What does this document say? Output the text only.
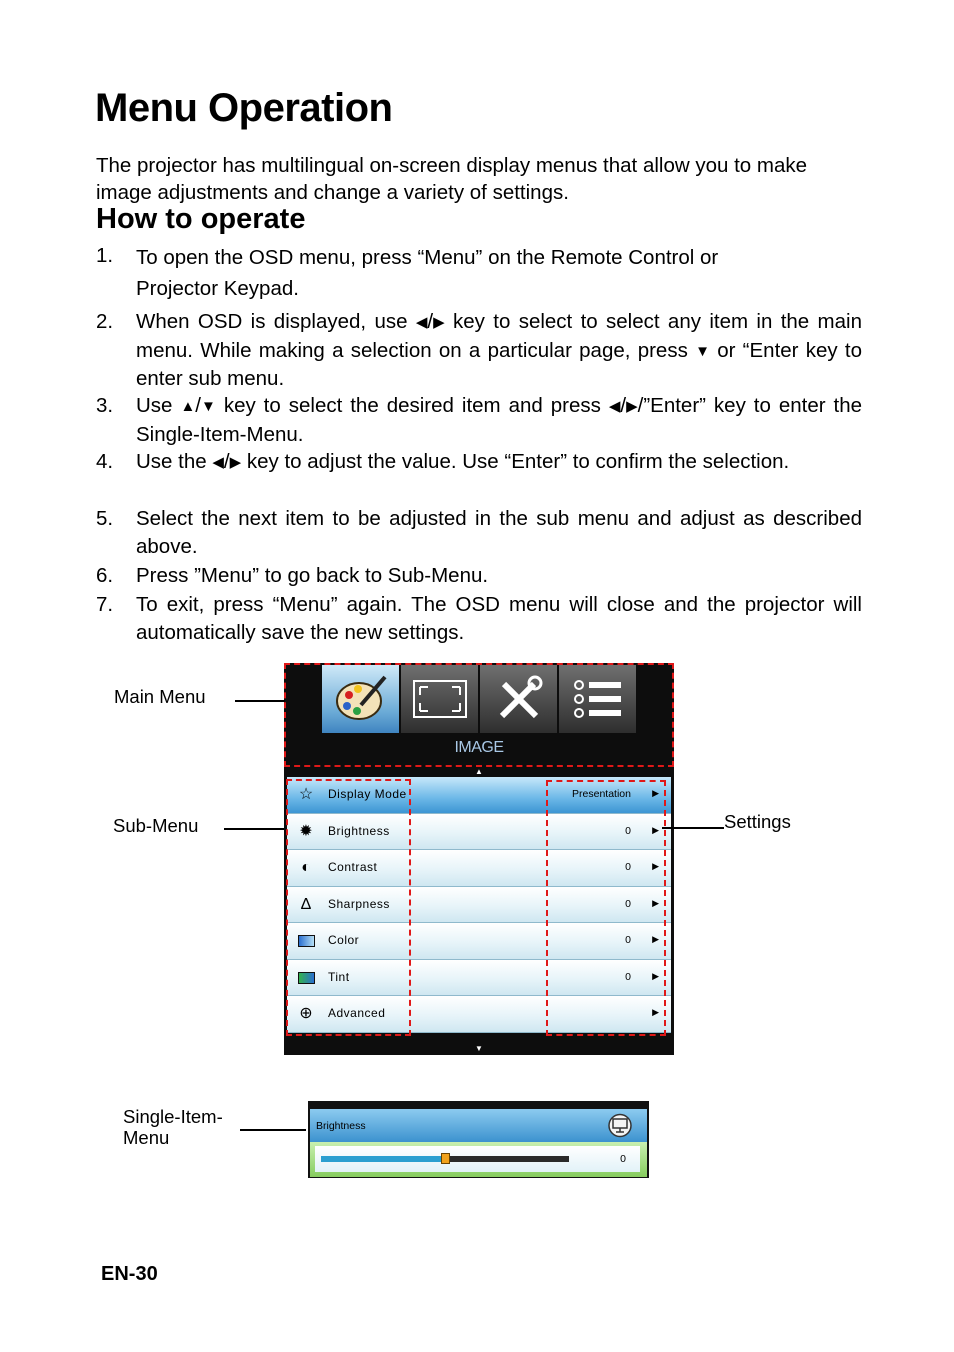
Menu Operation

The projector has multilingual on-screen display menus that allow you to make image adjustments and change a variety of settings.

How to operate
1. To open the OSD menu, press “Menu” on the Remote Control or
Projector Keypad.
2. When OSD is displayed, use ◀/▶ key to select to select any item in the main menu. While making a selection on a particular page, press ▼ or “Enter key to enter sub menu.
3. Use ▲/▼ key to select the desired item and press ◀/▶/”Enter” key to enter the Single-Item-Menu.
4. Use the ◀/▶ key to adjust the value. Use “Enter” to confirm the selection.
5. Select the next item to be adjusted in the sub menu and adjust as described above.
6. Press ”Menu” to go back to Sub-Menu.
7. To exit, press “Menu” again. The OSD menu will close and the projector will automatically save the new settings.
IMAGE
▲
☆ Display Mode	Presentation ▶
✹ Brightness	0 ▶
◐	Contrast	0 ▶
Δ	Sharpness	0 ▶
Color	0 ▶
Tint	0 ▶
⊕ Advanced	▶
▼
Main Menu
Sub-Menu	Settings
Single-Item-
Menu
Brightness
0
EN-30
